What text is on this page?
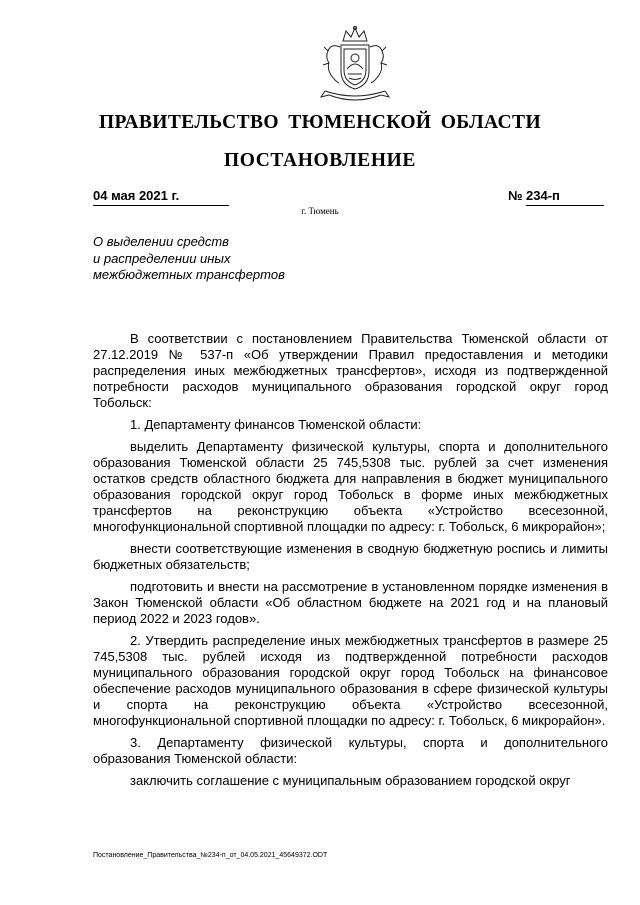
ПРАВИТЕЛЬСТВО ТЮМЕНСКОЙ ОБЛАСТИ
ПОСТАНОВЛЕНИЕ
04 мая 2021 г.	№ 234-п
г. Тюмень
О выделении средств
и распределении иных
межбюджетных трансфертов

В соответствии с постановлением Правительства Тюменской области от 27.12.2019 № 537-п «Об утверждении Правил предоставления и методики распределения иных межбюджетных трансфертов», исходя из подтвержденной потребности расходов муниципального образования городской округ город Тобольск:

1. Департаменту финансов Тюменской области:

выделить Департаменту физической культуры, спорта и дополнительного образования Тюменской области 25 745,5308 тыс. рублей за счет изменения остатков средств областного бюджета для направления в бюджет муниципального образования городской округ город Тобольск в форме иных межбюджетных трансфертов на реконструкцию объекта «Устройство всесезонной, многофункциональной спортивной площадки по адресу: г. Тобольск, 6 микрорайон»;

внести соответствующие изменения в сводную бюджетную роспись и лимиты бюджетных обязательств;

подготовить и внести на рассмотрение в установленном порядке изменения в Закон Тюменской области «Об областном бюджете на 2021 год и на плановый период 2022 и 2023 годов».

2. Утвердить распределение иных межбюджетных трансфертов в размере 25 745,5308 тыс. рублей исходя из подтвержденной потребности расходов муниципального образования городской округ город Тобольск на финансовое обеспечение расходов муниципального образования в сфере физической культуры и спорта на реконструкцию объекта «Устройство всесезонной, многофункциональной спортивной площадки по адресу: г. Тобольск, 6 микрорайон».

3. Департаменту физической культуры, спорта и дополнительного образования Тюменской области:

заключить соглашение с муниципальным образованием городской округ

Постановление_Правительства_№234-п_от_04.05.2021_45649372.ODT
